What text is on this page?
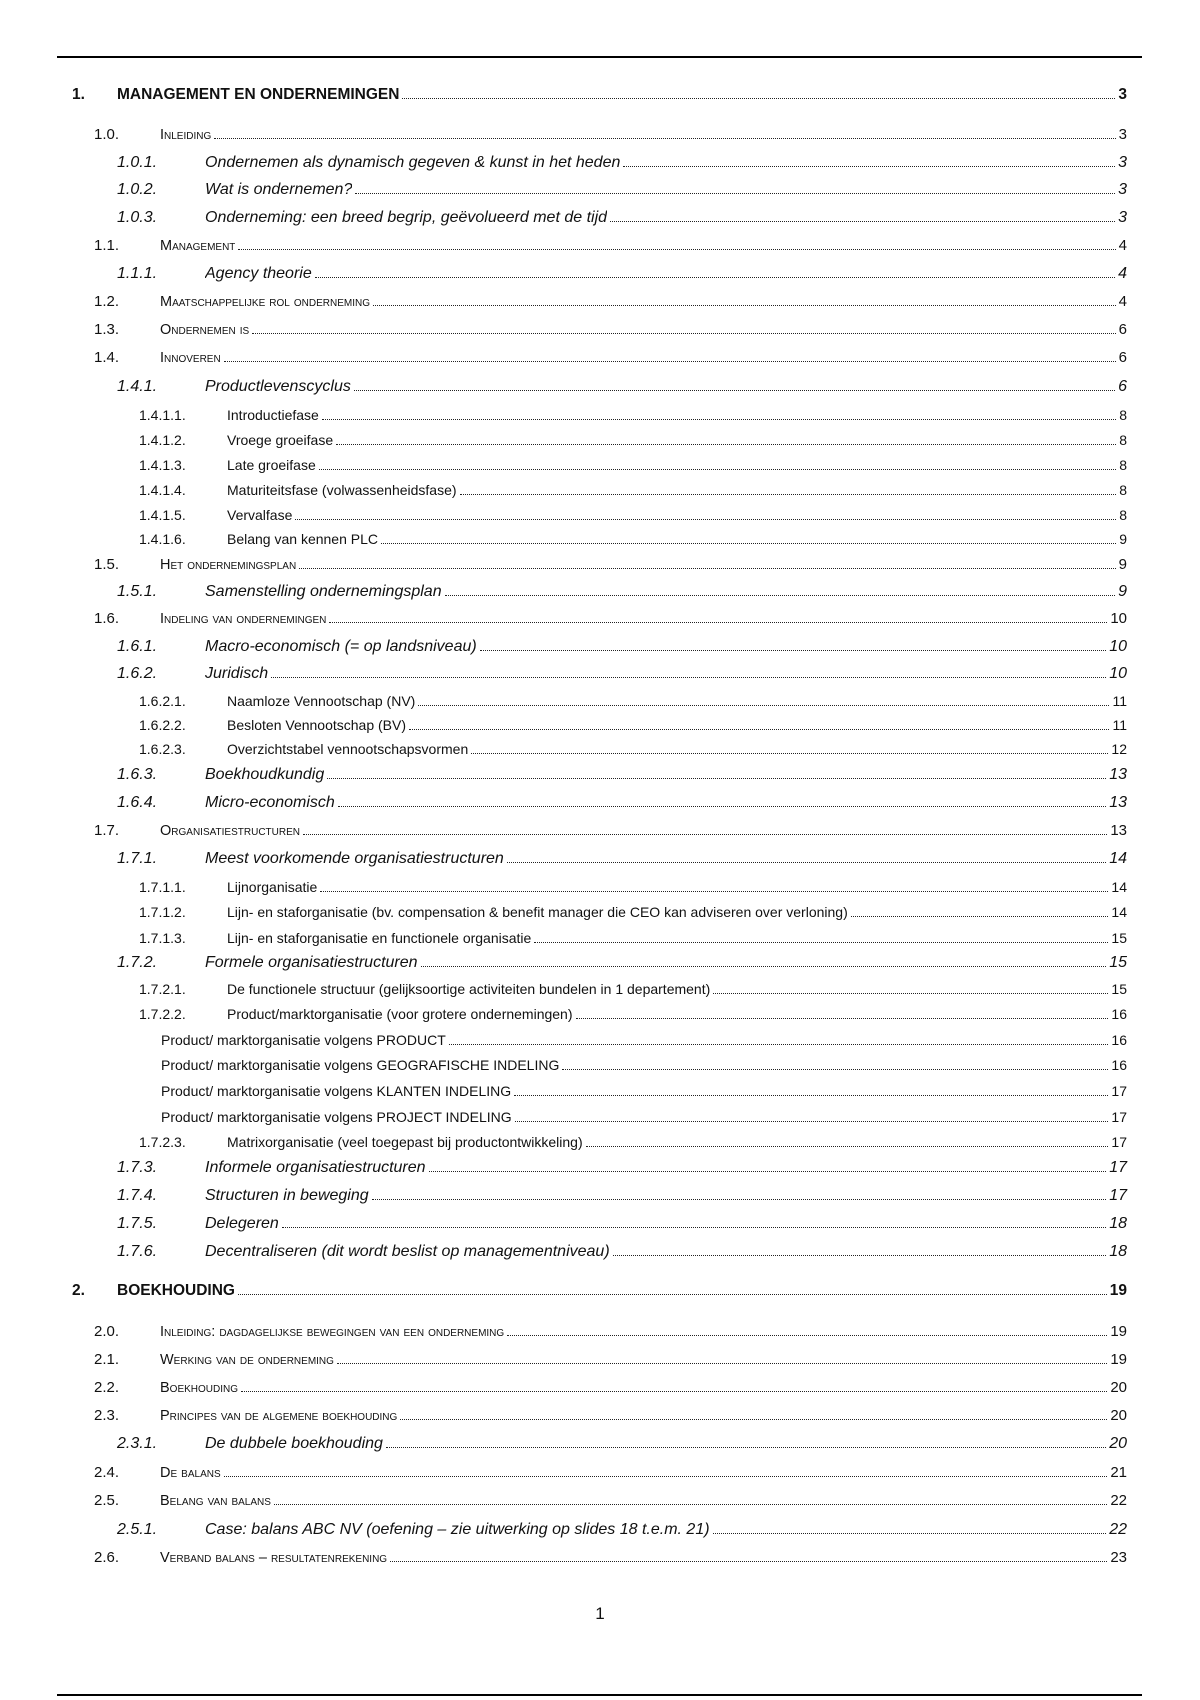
1.	MANAGEMENT EN ONDERNEMINGEN	3
1.0.	Inleiding	3
1.0.1.	Ondernemen als dynamisch gegeven & kunst in het heden	3
1.0.2.	Wat is ondernemen?	3
1.0.3.	Onderneming: een breed begrip, geëvolueerd met de tijd	3
1.1.	Management	4
1.1.1.	Agency theorie	4
1.2.	Maatschappelijke rol onderneming	4
1.3.	Ondernemen is	6
1.4.	Innoveren	6
1.4.1.	Productlevenscyclus	6
1.4.1.1.	Introductiefase	8
1.4.1.2.	Vroege groeifase	8
1.4.1.3.	Late groeifase	8
1.4.1.4.	Maturiteitsfase (volwassenheidsfase)	8
1.4.1.5.	Vervalfase	8
1.4.1.6.	Belang van kennen PLC	9
1.5.	Het ondernemingsplan	9
1.5.1.	Samenstelling ondernemingsplan	9
1.6.	Indeling van ondernemingen	10
1.6.1.	Macro-economisch (= op landsniveau)	10
1.6.2.	Juridisch	10
1.6.2.1.	Naamloze Vennootschap (NV)	11
1.6.2.2.	Besloten Vennootschap (BV)	11
1.6.2.3.	Overzichtstabel vennootschapsvormen	12
1.6.3.	Boekhoudkundig	13
1.6.4.	Micro-economisch	13
1.7.	Organisatiestructuren	13
1.7.1.	Meest voorkomende organisatiestructuren	14
1.7.1.1.	Lijnorganisatie	14
1.7.1.2.	Lijn- en staforganisatie (bv. compensation & benefit manager die CEO kan adviseren over verloning)	14
1.7.1.3.	Lijn- en staforganisatie en functionele organisatie	15
1.7.2.	Formele organisatiestructuren	15
1.7.2.1.	De functionele structuur (gelijksoortige activiteiten bundelen in 1 departement)	15
1.7.2.2.	Product/marktorganisatie (voor grotere ondernemingen)	16
Product/ marktorganisatie volgens PRODUCT	16
Product/ marktorganisatie volgens GEOGRAFISCHE INDELING	16
Product/ marktorganisatie volgens KLANTEN INDELING	17
Product/ marktorganisatie volgens PROJECT INDELING	17
1.7.2.3.	Matrixorganisatie (veel toegepast bij productontwikkeling)	17
1.7.3.	Informele organisatiestructuren	17
1.7.4.	Structuren in beweging	17
1.7.5.	Delegeren	18
1.7.6.	Decentraliseren (dit wordt beslist op managementniveau)	18
2.	BOEKHOUDING	19
2.0.	Inleiding: dagdagelijkse bewegingen van een onderneming	19
2.1.	Werking van de onderneming	19
2.2.	Boekhouding	20
2.3.	Principes van de algemene boekhouding	20
2.3.1.	De dubbele boekhouding	20
2.4.	De balans	21
2.5.	Belang van balans	22
2.5.1.	Case: balans ABC NV (oefening – zie uitwerking op slides 18 t.e.m. 21)	22
2.6.	Verband balans – resultatenrekening	23
1
